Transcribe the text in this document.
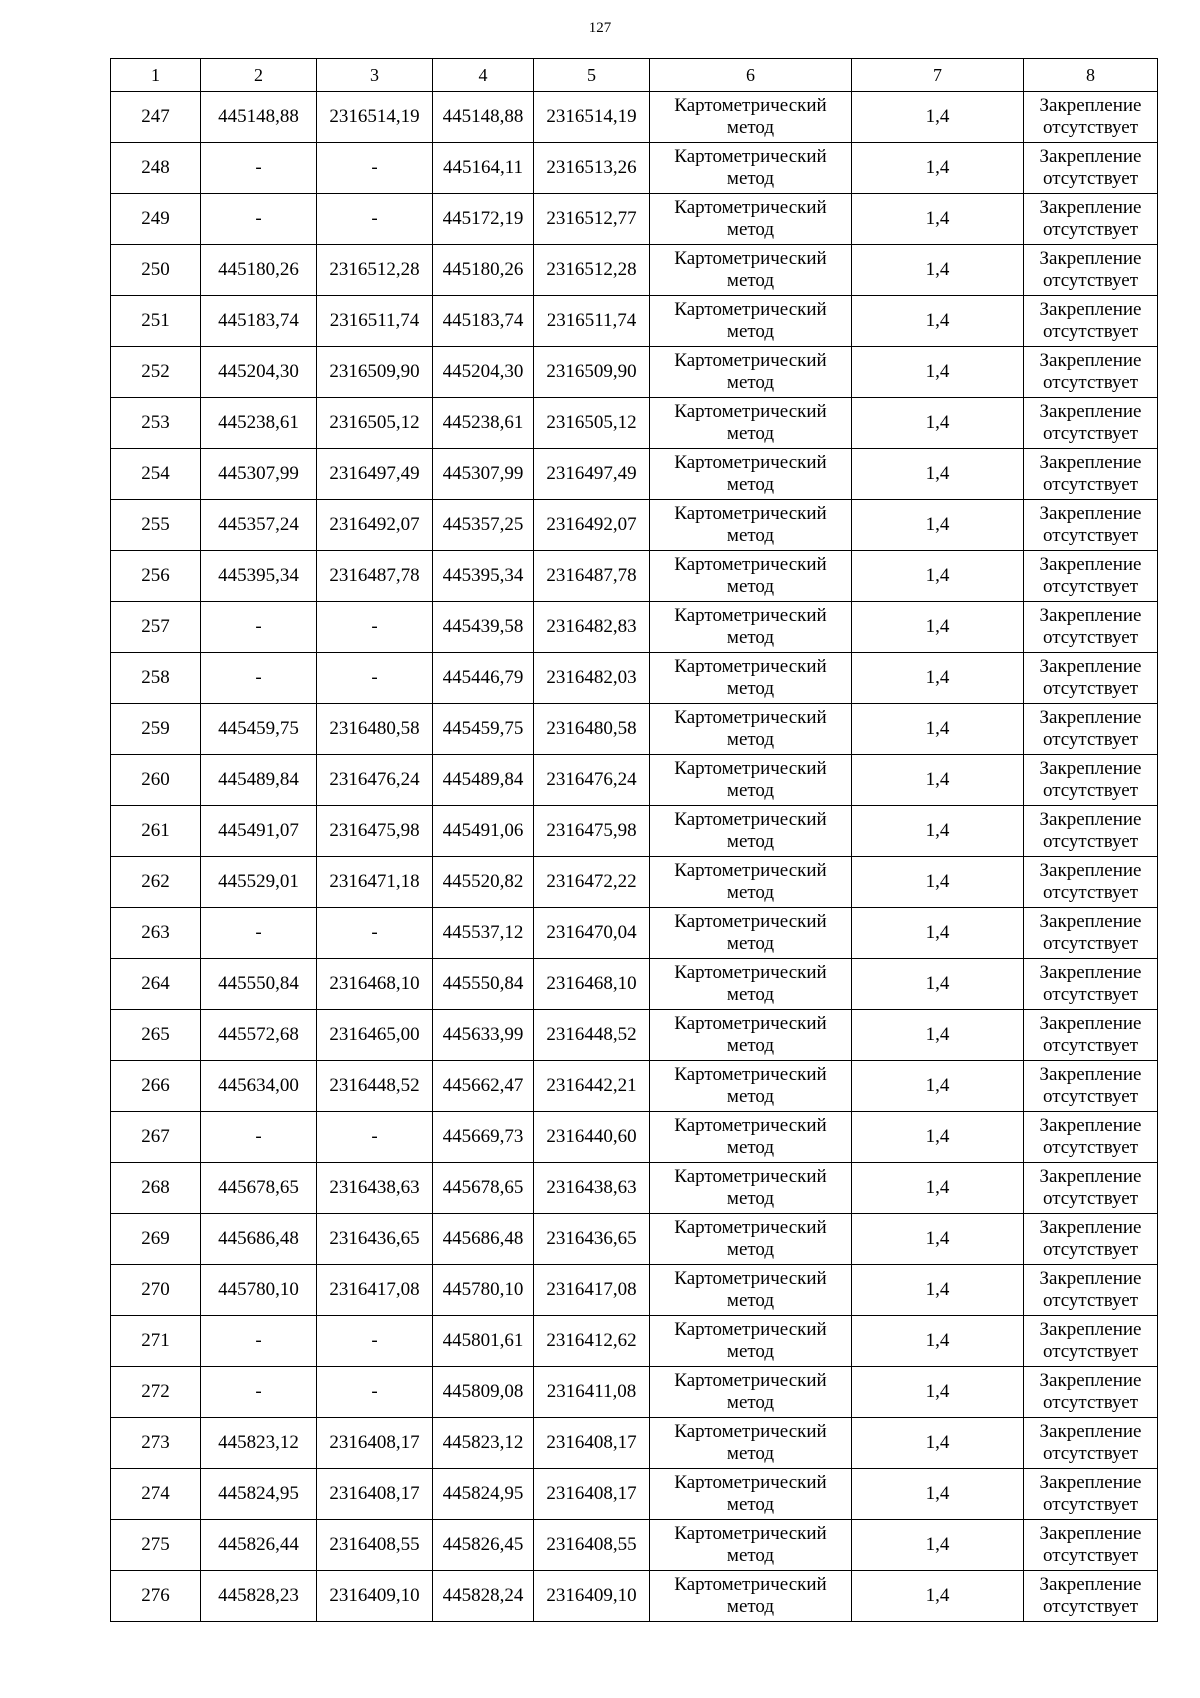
127
1	2	3	4	5	6	7	8
247	445148,88	2316514,19	445148,88	2316514,19	Картометрический метод	1,4	Закрепление отсутствует
248	-	-	445164,11	2316513,26	Картометрический метод	1,4	Закрепление отсутствует
249	-	-	445172,19	2316512,77	Картометрический метод	1,4	Закрепление отсутствует
250	445180,26	2316512,28	445180,26	2316512,28	Картометрический метод	1,4	Закрепление отсутствует
251	445183,74	2316511,74	445183,74	2316511,74	Картометрический метод	1,4	Закрепление отсутствует
252	445204,30	2316509,90	445204,30	2316509,90	Картометрический метод	1,4	Закрепление отсутствует
253	445238,61	2316505,12	445238,61	2316505,12	Картометрический метод	1,4	Закрепление отсутствует
254	445307,99	2316497,49	445307,99	2316497,49	Картометрический метод	1,4	Закрепление отсутствует
255	445357,24	2316492,07	445357,25	2316492,07	Картометрический метод	1,4	Закрепление отсутствует
256	445395,34	2316487,78	445395,34	2316487,78	Картометрический метод	1,4	Закрепление отсутствует
257	-	-	445439,58	2316482,83	Картометрический метод	1,4	Закрепление отсутствует
258	-	-	445446,79	2316482,03	Картометрический метод	1,4	Закрепление отсутствует
259	445459,75	2316480,58	445459,75	2316480,58	Картометрический метод	1,4	Закрепление отсутствует
260	445489,84	2316476,24	445489,84	2316476,24	Картометрический метод	1,4	Закрепление отсутствует
261	445491,07	2316475,98	445491,06	2316475,98	Картометрический метод	1,4	Закрепление отсутствует
262	445529,01	2316471,18	445520,82	2316472,22	Картометрический метод	1,4	Закрепление отсутствует
263	-	-	445537,12	2316470,04	Картометрический метод	1,4	Закрепление отсутствует
264	445550,84	2316468,10	445550,84	2316468,10	Картометрический метод	1,4	Закрепление отсутствует
265	445572,68	2316465,00	445633,99	2316448,52	Картометрический метод	1,4	Закрепление отсутствует
266	445634,00	2316448,52	445662,47	2316442,21	Картометрический метод	1,4	Закрепление отсутствует
267	-	-	445669,73	2316440,60	Картометрический метод	1,4	Закрепление отсутствует
268	445678,65	2316438,63	445678,65	2316438,63	Картометрический метод	1,4	Закрепление отсутствует
269	445686,48	2316436,65	445686,48	2316436,65	Картометрический метод	1,4	Закрепление отсутствует
270	445780,10	2316417,08	445780,10	2316417,08	Картометрический метод	1,4	Закрепление отсутствует
271	-	-	445801,61	2316412,62	Картометрический метод	1,4	Закрепление отсутствует
272	-	-	445809,08	2316411,08	Картометрический метод	1,4	Закрепление отсутствует
273	445823,12	2316408,17	445823,12	2316408,17	Картометрический метод	1,4	Закрепление отсутствует
274	445824,95	2316408,17	445824,95	2316408,17	Картометрический метод	1,4	Закрепление отсутствует
275	445826,44	2316408,55	445826,45	2316408,55	Картометрический метод	1,4	Закрепление отсутствует
276	445828,23	2316409,10	445828,24	2316409,10	Картометрический метод	1,4	Закрепление отсутствует
